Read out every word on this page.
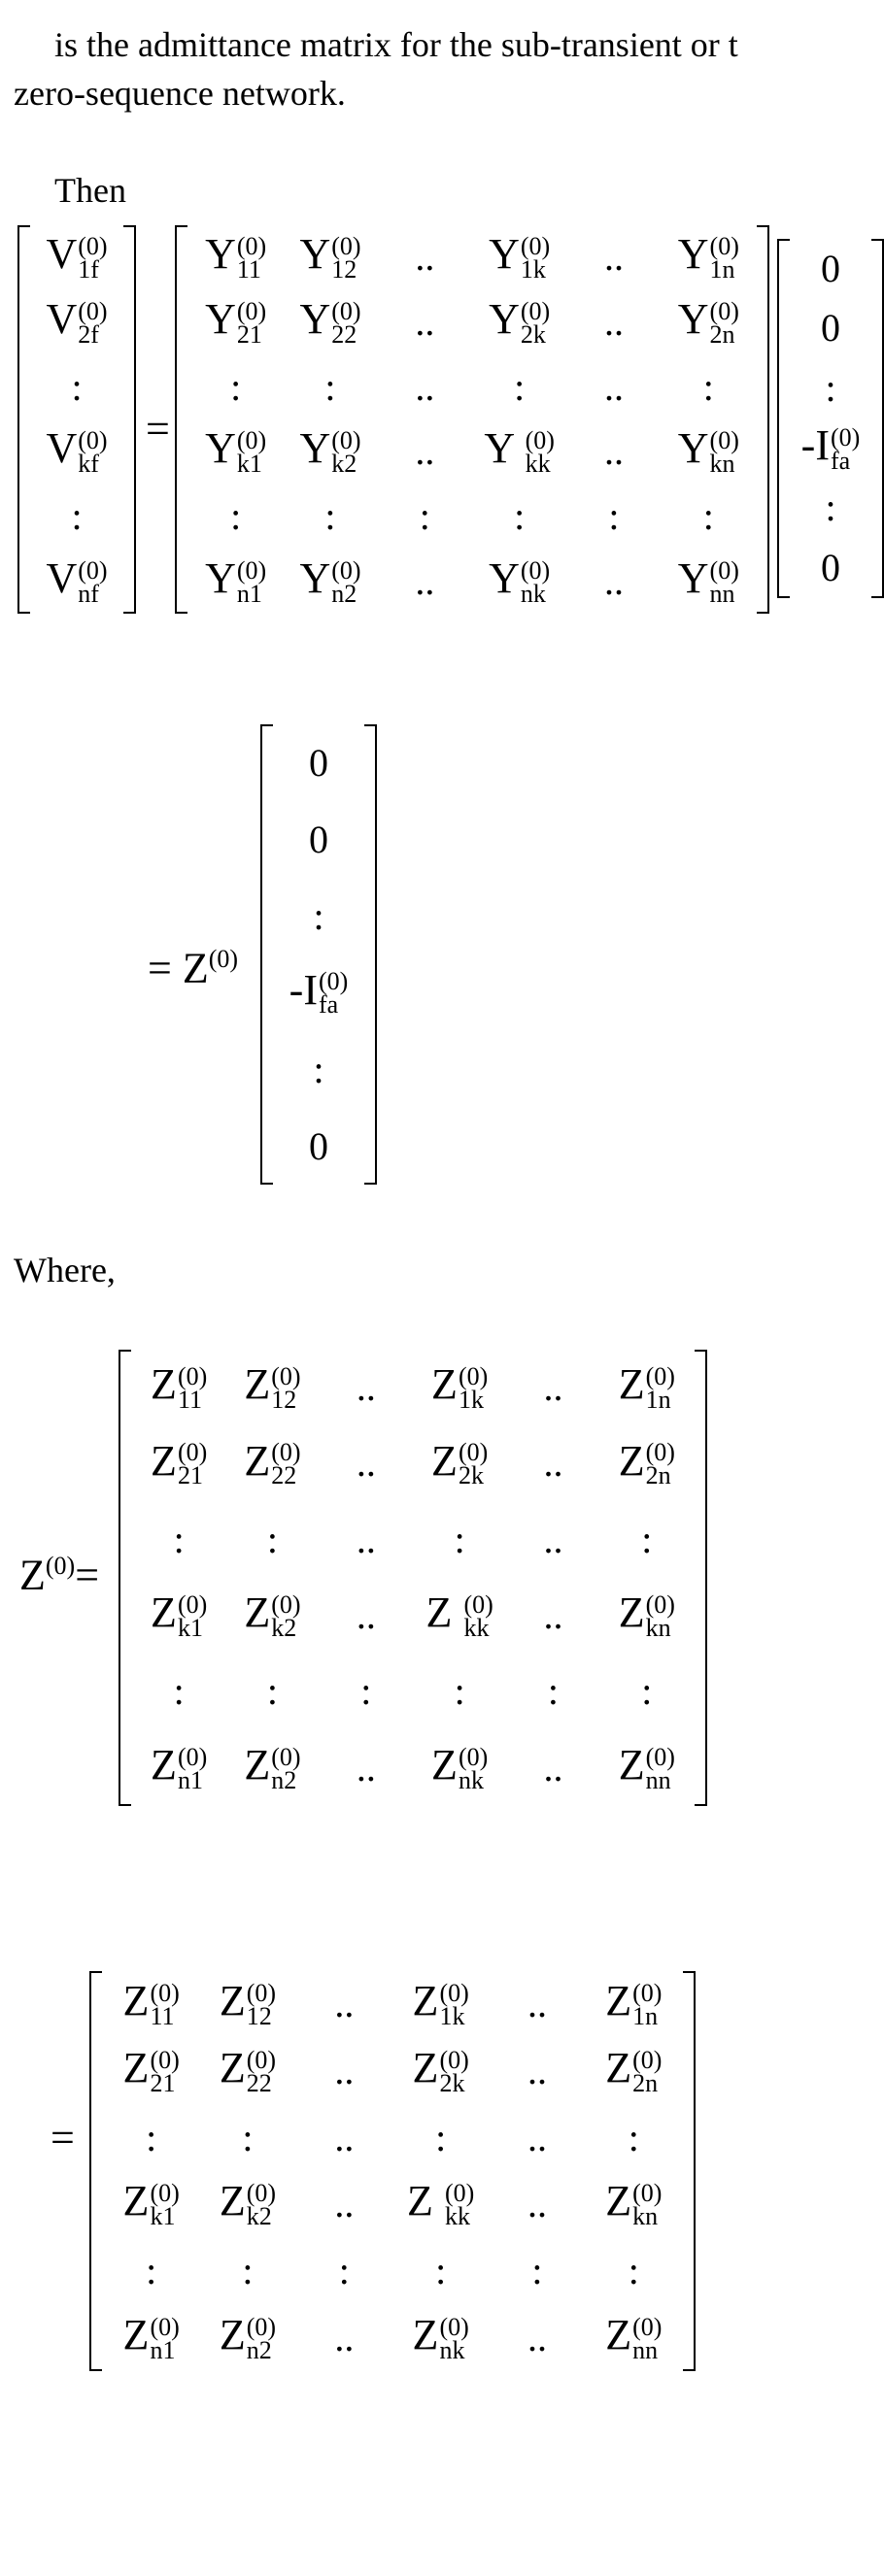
is the admittance matrix for the sub-transient or t
zero-sequence network.
Then
V (0)
1f
V (0)
2f
:
V (0)
kf
:
V (0)
nf
=
Y (0)
11 Y (0)
12 .. Y (0)
1k .. Y (0)
1n
Y (0)
21 Y (0)
22 .. Y (0)
2k .. Y (0)
2n
: : .. : .. :
Y (0)
k1 Y (0)
k2 .. Y (0)
kk .. Y (0)
kn
: : : : : :
Y (0)
n1 Y (0)
n2 .. Y (0)
nk .. Y (0)
nn
0
0
:
-I (0)
fa
:
0
= Z(0)
0
0
:
-I (0)
fa
:
0
Where,
Z(0)=
Z (0)
11 Z (0)
12 .. Z (0)
1k .. Z (0)
1n
Z (0)
21 Z (0)
22 .. Z (0)
2k .. Z (0)
2n
: : .. : .. :
Z (0)
k1 Z (0)
k2 .. Z (0)
kk .. Z (0)
kn
: : : : : :
Z (0)
n1 Z (0)
n2 .. Z (0)
nk .. Z (0)
nn
=
Z (0)
11 Z (0)
12 .. Z (0)
1k .. Z (0)
1n
Z (0)
21 Z (0)
22 .. Z (0)
2k .. Z (0)
2n
: : .. : .. :
Z (0)
k1 Z (0)
k2 .. Z (0)
kk .. Z (0)
kn
: : : : : :
Z (0)
n1 Z (0)
n2 .. Z (0)
nk .. Z (0)
nn
